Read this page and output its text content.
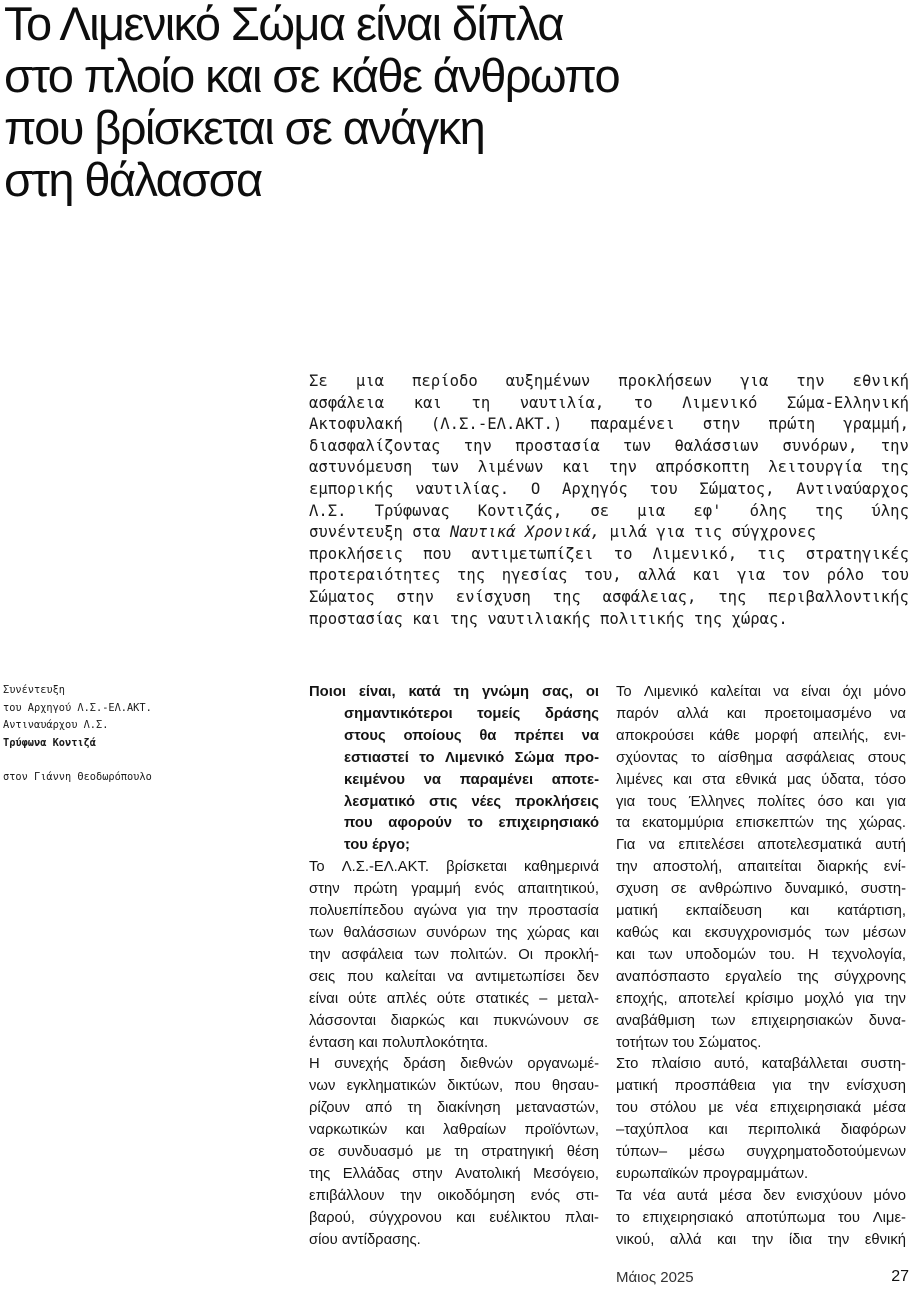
Το Λιμενικό Σώμα είναι δίπλα
στο πλοίο και σε κάθε άνθρωπο
που βρίσκεται σε ανάγκη
στη θάλασσα
Σε μια περίοδο αυξημένων προκλήσεων για την εθνική
ασφάλεια και τη ναυτιλία, το Λιμενικό Σώμα-Ελληνική
Ακτοφυλακή (Λ.Σ.-ΕΛ.ΑΚΤ.) παραμένει στην πρώτη γραμμή,
διασφαλίζοντας την προστασία των θαλάσσιων συνόρων, την
αστυνόμευση των λιμένων και την απρόσκοπτη λειτουργία της
εμπορικής ναυτιλίας. Ο Αρχηγός του Σώματος, Αντιναύαρχος
Λ.Σ. Τρύφωνας Κοντιζάς, σε μια εφ' όλης της ύλης
συνέντευξη στα Ναυτικά Χρονικά, μιλά για τις σύγχρονες
προκλήσεις που αντιμετωπίζει το Λιμενικό, τις στρατηγικές
προτεραιότητες της ηγεσίας του, αλλά και για τον ρόλο του
Σώματος στην ενίσχυση της ασφάλειας, της περιβαλλοντικής
προστασίας και της ναυτιλιακής πολιτικής της χώρας.
Συνέντευξη
του Αρχηγού Λ.Σ.-ΕΛ.ΑΚΤ.
Αντιναυάρχου Λ.Σ.
Τρύφωνα Κοντιζά
στον Γιάννη Θεοδωρόπουλο

Ποιοι είναι, κατά τη γνώμη σας, οι
σημαντικότεροι τομείς δράσης
στους οποίους θα πρέπει να
εστιαστεί το Λιμενικό Σώμα προ-
κειμένου να παραμένει αποτε-
λεσματικό στις νέες προκλήσεις
που αφορούν το επιχειρησιακό
του έργο;

Το Λ.Σ.-ΕΛ.ΑΚΤ. βρίσκεται καθημερινά
στην πρώτη γραμμή ενός απαιτητικού,
πολυεπίπεδου αγώνα για την προστασία
των θαλάσσιων συνόρων της χώρας και
την ασφάλεια των πολιτών. Οι προκλή-
σεις που καλείται να αντιμετωπίσει δεν
είναι ούτε απλές ούτε στατικές – μεταλ-
λάσσονται διαρκώς και πυκνώνουν σε
ένταση και πολυπλοκότητα.

Η συνεχής δράση διεθνών οργανωμέ-
νων εγκληματικών δικτύων, που θησαυ-
ρίζουν από τη διακίνηση μεταναστών,
ναρκωτικών και λαθραίων προϊόντων,
σε συνδυασμό με τη στρατηγική θέση
της Ελλάδας στην Ανατολική Μεσόγειο,
επιβάλλουν την οικοδόμηση ενός στι-
βαρού, σύγχρονου και ευέλικτου πλαι-
σίου αντίδρασης.

Το Λιμενικό καλείται να είναι όχι μόνο
παρόν αλλά και προετοιμασμένο να
αποκρούσει κάθε μορφή απειλής, ενι-
σχύοντας το αίσθημα ασφάλειας στους
λιμένες και στα εθνικά μας ύδατα, τόσο
για τους Έλληνες πολίτες όσο και για
τα εκατομμύρια επισκεπτών της χώρας.
Για να επιτελέσει αποτελεσματικά αυτή
την αποστολή, απαιτείται διαρκής ενί-
σχυση σε ανθρώπινο δυναμικό, συστη-
ματική εκπαίδευση και κατάρτιση,
καθώς και εκσυγχρονισμός των μέσων
και των υποδομών του. Η τεχνολογία,
αναπόσπαστο εργαλείο της σύγχρονης
εποχής, αποτελεί κρίσιμο μοχλό για την
αναβάθμιση των επιχειρησιακών δυνα-
τοτήτων του Σώματος.

Στο πλαίσιο αυτό, καταβάλλεται συστη-
ματική προσπάθεια για την ενίσχυση
του στόλου με νέα επιχειρησιακά μέσα
–ταχύπλοα και περιπολικά διαφόρων
τύπων– μέσω συγχρηματοδοτούμενων
ευρωπαϊκών προγραμμάτων.

Τα νέα αυτά μέσα δεν ενισχύουν μόνο
το επιχειρησιακό αποτύπωμα του Λιμε-
νικού, αλλά και την ίδια την εθνική

Μάιος 2025	27
